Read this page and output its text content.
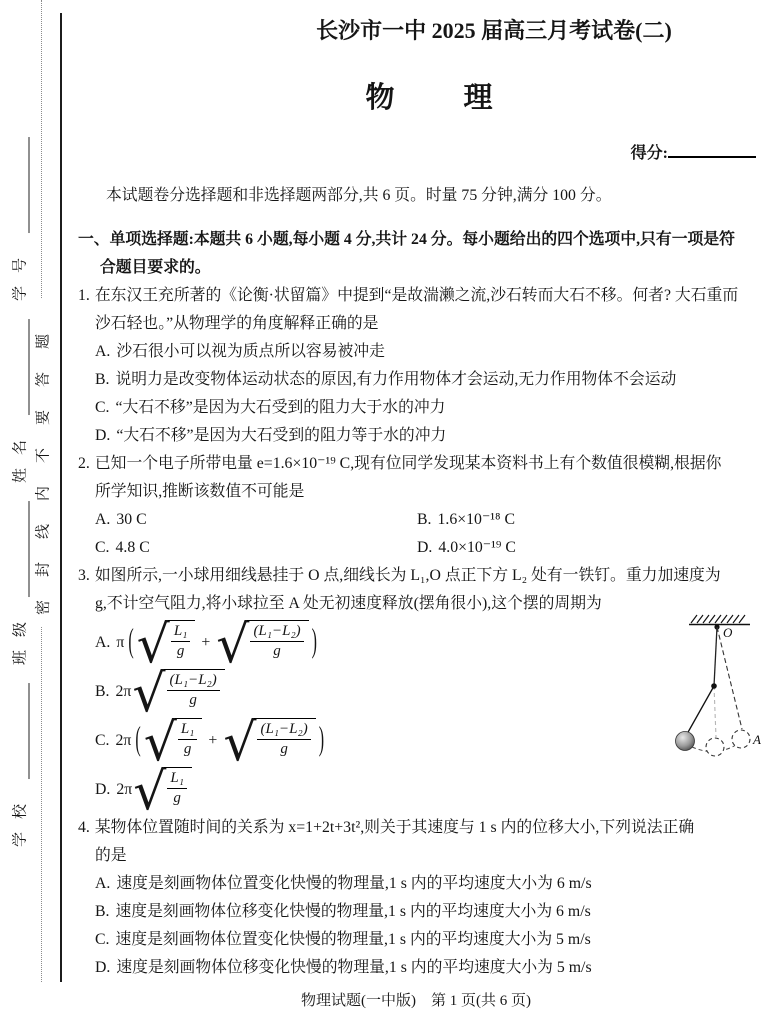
学校
班级
姓名
学号
密封线内不要答题
长沙市一中 2025 届高三月考试卷(二)
物　理
得分:
本试题卷分选择题和非选择题两部分,共 6 页。时量 75 分钟,满分 100 分。
一、单项选择题:本题共 6 小题,每小题 4 分,共计 24 分。每小题给出的四个选项中,只有一项是符
合题目要求的。
1. 在东汉王充所著的《论衡·状留篇》中提到“是故湍濑之流,沙石转而大石不移。何者? 大石重而
沙石轻也。”从物理学的角度解释正确的是
A. 沙石很小可以视为质点所以容易被冲走
B. 说明力是改变物体运动状态的原因,有力作用物体才会运动,无力作用物体不会运动
C. “大石不移”是因为大石受到的阻力大于水的冲力
D. “大石不移”是因为大石受到的阻力等于水的冲力
2. 已知一个电子所带电量 e=1.6×10⁻¹⁹ C,现有位同学发现某本资料书上有个数值很模糊,根据你
所学知识,推断该数值不可能是
A. 30 C	B. 1.6×10⁻¹⁸ C
C. 4.8 C	D. 4.0×10⁻¹⁹ C
3. 如图所示,一小球用细线悬挂于 O 点,细线长为 L₁,O 点正下方 L₂ 处有一铁钉。重力加速度为
g,不计空气阻力,将小球拉至 A 处无初速度释放(摆角很小),这个摆的周期为
A. π ( √ $\frac{\text{L₁}}{g}$ + √ $\frac{\text{(L₁−L₂)}}{g}$ )
B. 2π √ $\frac{\text{(L₁−L₂)}}{g}$
C. 2π ( √ $\frac{\text{L₁}}{g}$ + √ $\frac{\text{(L₁−L₂)}}{g}$ )
D. 2π √ $\frac{\text{L₁}}{g}$
4. 某物体位置随时间的关系为 x=1+2t+3t²,则关于其速度与 1 s 内的位移大小,下列说法正确
的是
A. 速度是刻画物体位置变化快慢的物理量,1 s 内的平均速度大小为 6 m/s
B. 速度是刻画物体位移变化快慢的物理量,1 s 内的平均速度大小为 6 m/s
C. 速度是刻画物体位置变化快慢的物理量,1 s 内的平均速度大小为 5 m/s
D. 速度是刻画物体位移变化快慢的物理量,1 s 内的平均速度大小为 5 m/s
O
A
物理试题(一中版)　第 1 页(共 6 页)
